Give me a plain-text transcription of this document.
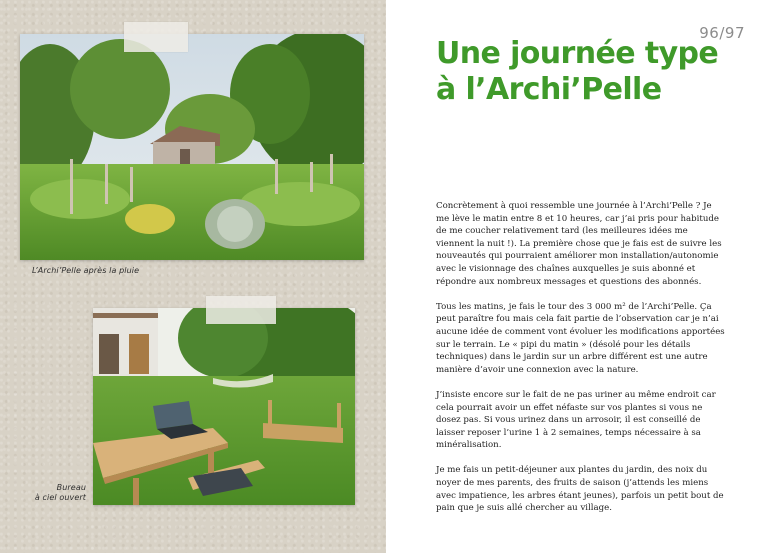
L’Archi’Pelle après la pluie
Bureau
à ciel ouvert
96/97
Une journée type
à l’Archi’Pelle

Concrètement à quoi ressemble une journée à l’Archi’Pelle ? Je me lève le matin entre 8 et 10 heures, car j’ai pris pour habitude de me coucher relativement tard (les meilleures idées me viennent la nuit !). La première chose que je fais est de suivre les nouveautés qui pourraient améliorer mon installation/autonomie avec le visionnage des chaînes auxquelles je suis abonné et répondre aux nombreux messages et questions des abonnés.

Tous les matins, je fais le tour des 3 000 m² de l’Archi’Pelle. Ça peut paraître fou mais cela fait partie de l’observation car je n’ai aucune idée de comment vont évoluer les modifications apportées sur le terrain. Le « pipi du matin » (désolé pour les détails techniques) dans le jardin sur un arbre différent est une autre manière d’avoir une connexion avec la nature.

J’insiste encore sur le fait de ne pas uriner au même endroit car cela pourrait avoir un effet néfaste sur vos plantes si vous ne dosez pas. Si vous urinez dans un arrosoir, il est conseillé de laisser reposer l’urine 1 à 2 semaines, temps nécessaire à sa minéralisation.

Je me fais un petit-déjeuner aux plantes du jardin, des noix du noyer de mes parents, des fruits de saison (j’attends les miens avec impatience, les arbres étant jeunes), parfois un petit bout de pain que je suis allé chercher au village.
